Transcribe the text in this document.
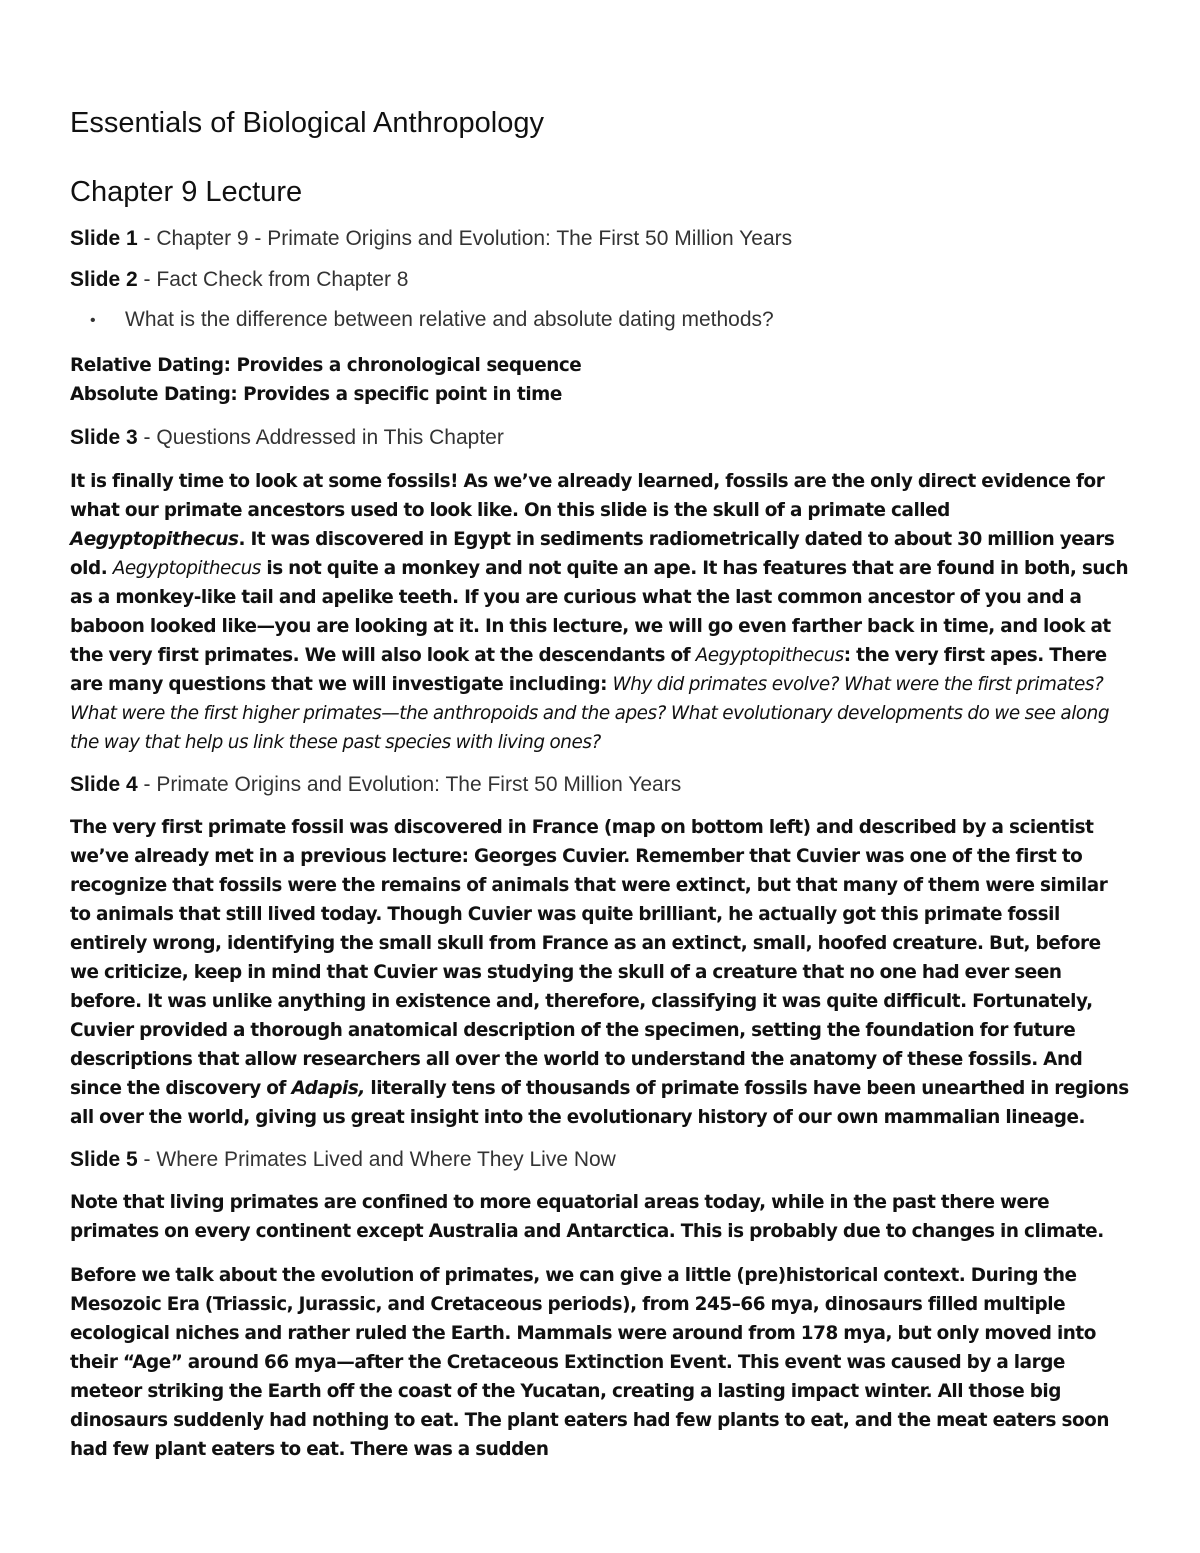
Essentials of Biological Anthropology
Chapter 9 Lecture
Slide 1 - Chapter 9 - Primate Origins and Evolution: The First 50 Million Years
Slide 2 - Fact Check from Chapter 8
• What is the difference between relative and absolute dating methods?
Relative Dating: Provides a chronological sequence
Absolute Dating: Provides a specific point in time
Slide 3 - Questions Addressed in This Chapter

It is finally time to look at some fossils! As we’ve already learned, fossils are the only direct evidence for what our primate ancestors used to look like. On this slide is the skull of a primate called Aegyptopithecus. It was discovered in Egypt in sediments radiometrically dated to about 30 million years old. Aegyptopithecus is not quite a monkey and not quite an ape. It has features that are found in both, such as a monkey-like tail and apelike teeth. If you are curious what the last common ancestor of you and a baboon looked like—you are looking at it. In this lecture, we will go even farther back in time, and look at the very first primates. We will also look at the descendants of Aegyptopithecus: the very first apes. There are many questions that we will investigate including: Why did primates evolve? What were the first primates? What were the first higher primates—the anthropoids and the apes? What evolutionary developments do we see along the way that help us link these past species with living ones?

Slide 4 - Primate Origins and Evolution: The First 50 Million Years

The very first primate fossil was discovered in France (map on bottom left) and described by a scientist we’ve already met in a previous lecture: Georges Cuvier. Remember that Cuvier was one of the first to recognize that fossils were the remains of animals that were extinct, but that many of them were similar to animals that still lived today. Though Cuvier was quite brilliant, he actually got this primate fossil entirely wrong, identifying the small skull from France as an extinct, small, hoofed creature. But, before we criticize, keep in mind that Cuvier was studying the skull of a creature that no one had ever seen before. It was unlike anything in existence and, therefore, classifying it was quite difficult. Fortunately, Cuvier provided a thorough anatomical description of the specimen, setting the foundation for future descriptions that allow researchers all over the world to understand the anatomy of these fossils. And since the discovery of Adapis, literally tens of thousands of primate fossils have been unearthed in regions all over the world, giving us great insight into the evolutionary history of our own mammalian lineage.

Slide 5 - Where Primates Lived and Where They Live Now

Note that living primates are confined to more equatorial areas today, while in the past there were primates on every continent except Australia and Antarctica. This is probably due to changes in climate.

Before we talk about the evolution of primates, we can give a little (pre)historical context. During the Mesozoic Era (Triassic, Jurassic, and Cretaceous periods), from 245–66 mya, dinosaurs filled multiple ecological niches and rather ruled the Earth. Mammals were around from 178 mya, but only moved into their “Age” around 66 mya—after the Cretaceous Extinction Event. This event was caused by a large meteor striking the Earth off the coast of the Yucatan, creating a lasting impact winter. All those big dinosaurs suddenly had nothing to eat. The plant eaters had few plants to eat, and the meat eaters soon had few plant eaters to eat. There was a sudden
